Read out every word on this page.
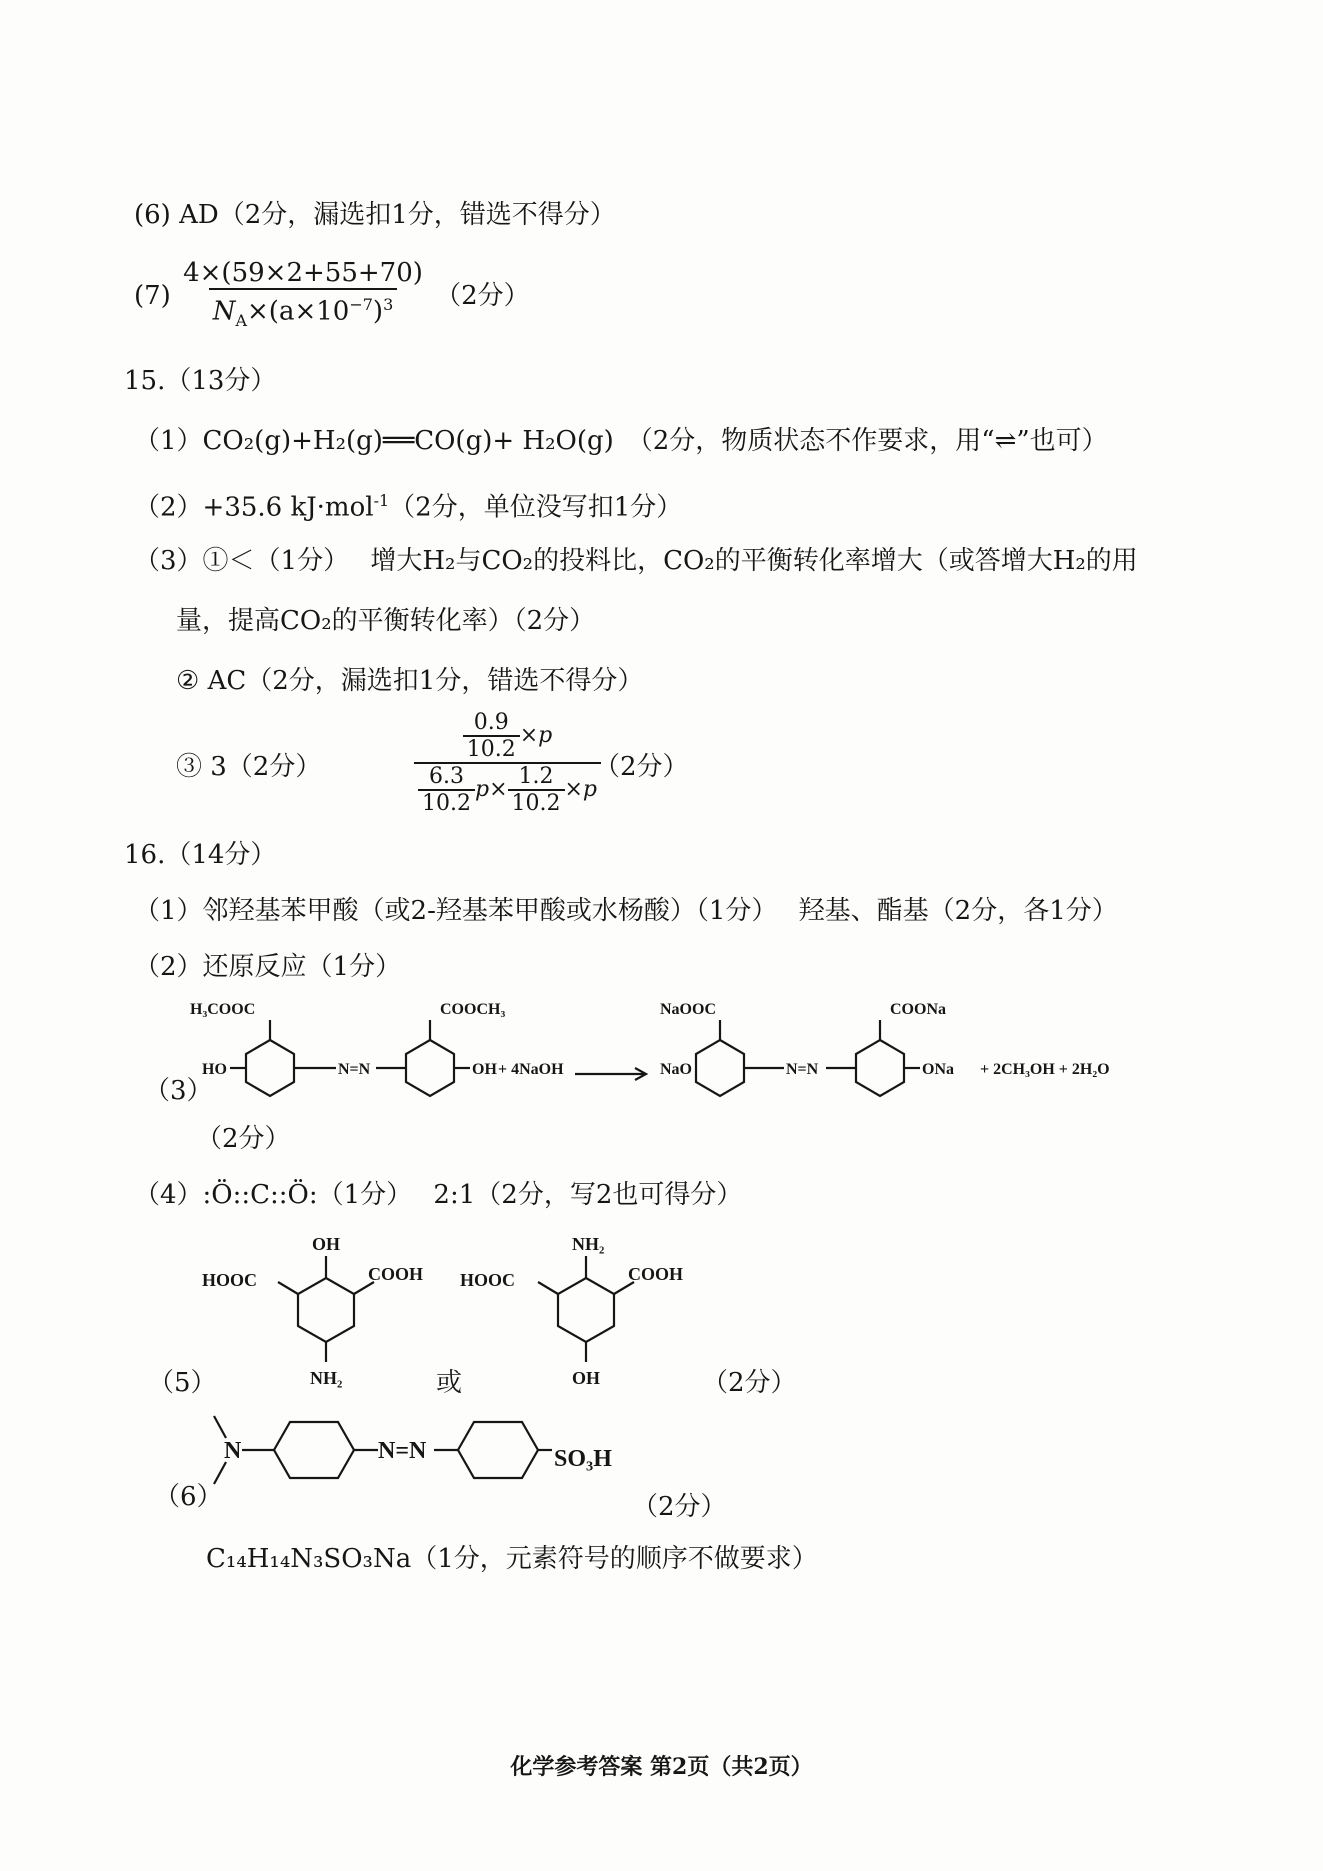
(6) AD（2分，漏选扣1分，错选不得分）
$(7) \frac{4\times(59\times 2+55+70)}{N_A\times(a\times 10^{-7})^3} (2$分）
15.（13分）
（1）CO₂(g)+H₂(g)══CO(g)+ H₂O(g)　（2分，物质状态不作要求，用“⇌”也可）
（2）+35.6 kJ·mol$^{-1}$（2分，单位没写扣1分）
（3）①＜（1分）　 增大H₂与CO₂的投料比，CO₂的平衡转化率增大（或答增大H₂的用
量，提高CO₂的平衡转化率）（2分）
② AC（2分，漏选扣1分，错选不得分）
③ 3（2分）	$\frac{\frac{0.9}{10.2} \times p}{\frac{6.3}{10.2} p\times \frac{1.2}{10.2} \times p}$
（2分）
16.（14分）
（1）邻羟基苯甲酸（或2-羟基苯甲酸或水杨酸）（1分）　 羟基、酯基（2分，各1分）
（2）还原反应（1分）
（3）
H₃COOC	COOCH₃
HO	OH
N=N	+ 4NaOH
NaOOC	COONa
NaO	ONa
N=N	+ 2CH₃OH + 2H₂O
（2分）
（4）:Ö::C::Ö:（1分）　 2:1（2分，写2也可得分）
OH
HOOC	COOH
NH₂
NH₂
HOOC	COOH
OH
（5）	或	（2分）
（6）
N	N=N	SO₃H
（2分）
C₁₄H₁₄N₃SO₃Na（1分，元素符号的顺序不做要求）
化学参考答案 第2页（共2页）
